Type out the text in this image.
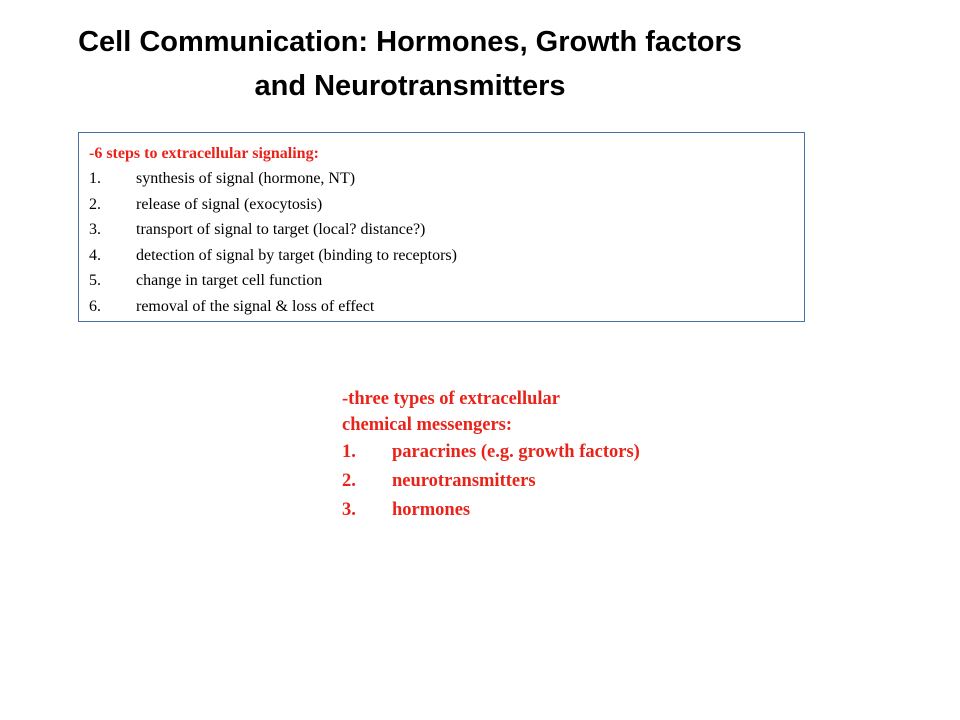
Cell Communication: Hormones, Growth factors
and Neurotransmitters
-6 steps to extracellular signaling:
1.	synthesis of signal (hormone, NT)
2.	release of signal (exocytosis)
3.	transport of signal to target (local? distance?)
4.	detection of signal by target (binding to receptors)
5.	change in target cell function
6.	removal of the signal & loss of effect
-three types of extracellular
chemical messengers:
1.	paracrines (e.g. growth factors)
2.	neurotransmitters
3.	hormones
